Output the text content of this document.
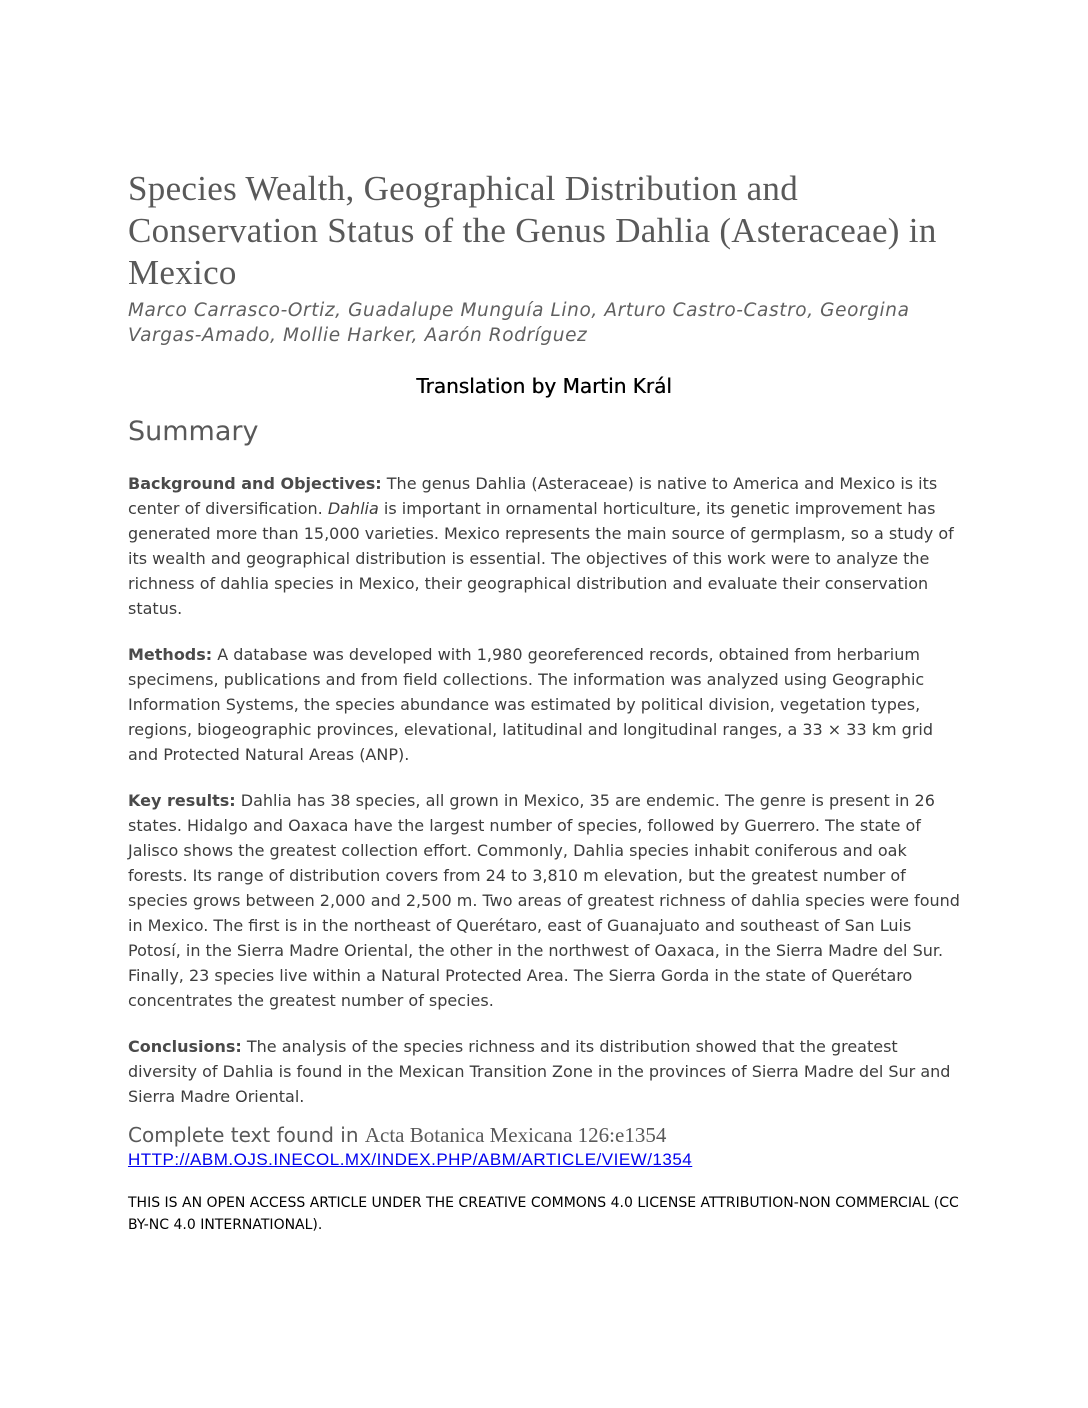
Species Wealth, Geographical Distribution and Conservation Status of the Genus Dahlia (Asteraceae) in Mexico

Marco Carrasco-Ortiz, Guadalupe Munguía Lino, Arturo Castro-Castro, Georgina Vargas-Amado, Mollie Harker, Aarón Rodríguez

Translation by Martin Král

Summary

Background and Objectives: The genus Dahlia (Asteraceae) is native to America and Mexico is its center of diversification. Dahlia is important in ornamental horticulture, its genetic improvement has generated more than 15,000 varieties. Mexico represents the main source of germplasm, so a study of its wealth and geographical distribution is essential. The objectives of this work were to analyze the richness of dahlia species in Mexico, their geographical distribution and evaluate their conservation status.

Methods: A database was developed with 1,980 georeferenced records, obtained from herbarium specimens, publications and from field collections. The information was analyzed using Geographic Information Systems, the species abundance was estimated by political division, vegetation types, regions, biogeographic provinces, elevational, latitudinal and longitudinal ranges, a 33 × 33 km grid and Protected Natural Areas (ANP).

Key results: Dahlia has 38 species, all grown in Mexico, 35 are endemic. The genre is present in 26 states. Hidalgo and Oaxaca have the largest number of species, followed by Guerrero. The state of Jalisco shows the greatest collection effort. Commonly, Dahlia species inhabit coniferous and oak forests. Its range of distribution covers from 24 to 3,810 m elevation, but the greatest number of species grows between 2,000 and 2,500 m. Two areas of greatest richness of dahlia species were found in Mexico. The first is in the northeast of Querétaro, east of Guanajuato and southeast of San Luis Potosí, in the Sierra Madre Oriental, the other in the northwest of Oaxaca, in the Sierra Madre del Sur. Finally, 23 species live within a Natural Protected Area. The Sierra Gorda in the state of Querétaro concentrates the greatest number of species.

Conclusions: The analysis of the species richness and its distribution showed that the greatest diversity of Dahlia is found in the Mexican Transition Zone in the provinces of Sierra Madre del Sur and Sierra Madre Oriental.

Complete text found in Acta Botanica Mexicana 126:e1354
HTTP://ABM.OJS.INECOL.MX/INDEX.PHP/ABM/ARTICLE/VIEW/1354
THIS IS AN OPEN ACCESS ARTICLE UNDER THE CREATIVE COMMONS 4.0 LICENSE ATTRIBUTION-NON COMMERCIAL (CC BY-NC 4.0 INTERNATIONAL).
